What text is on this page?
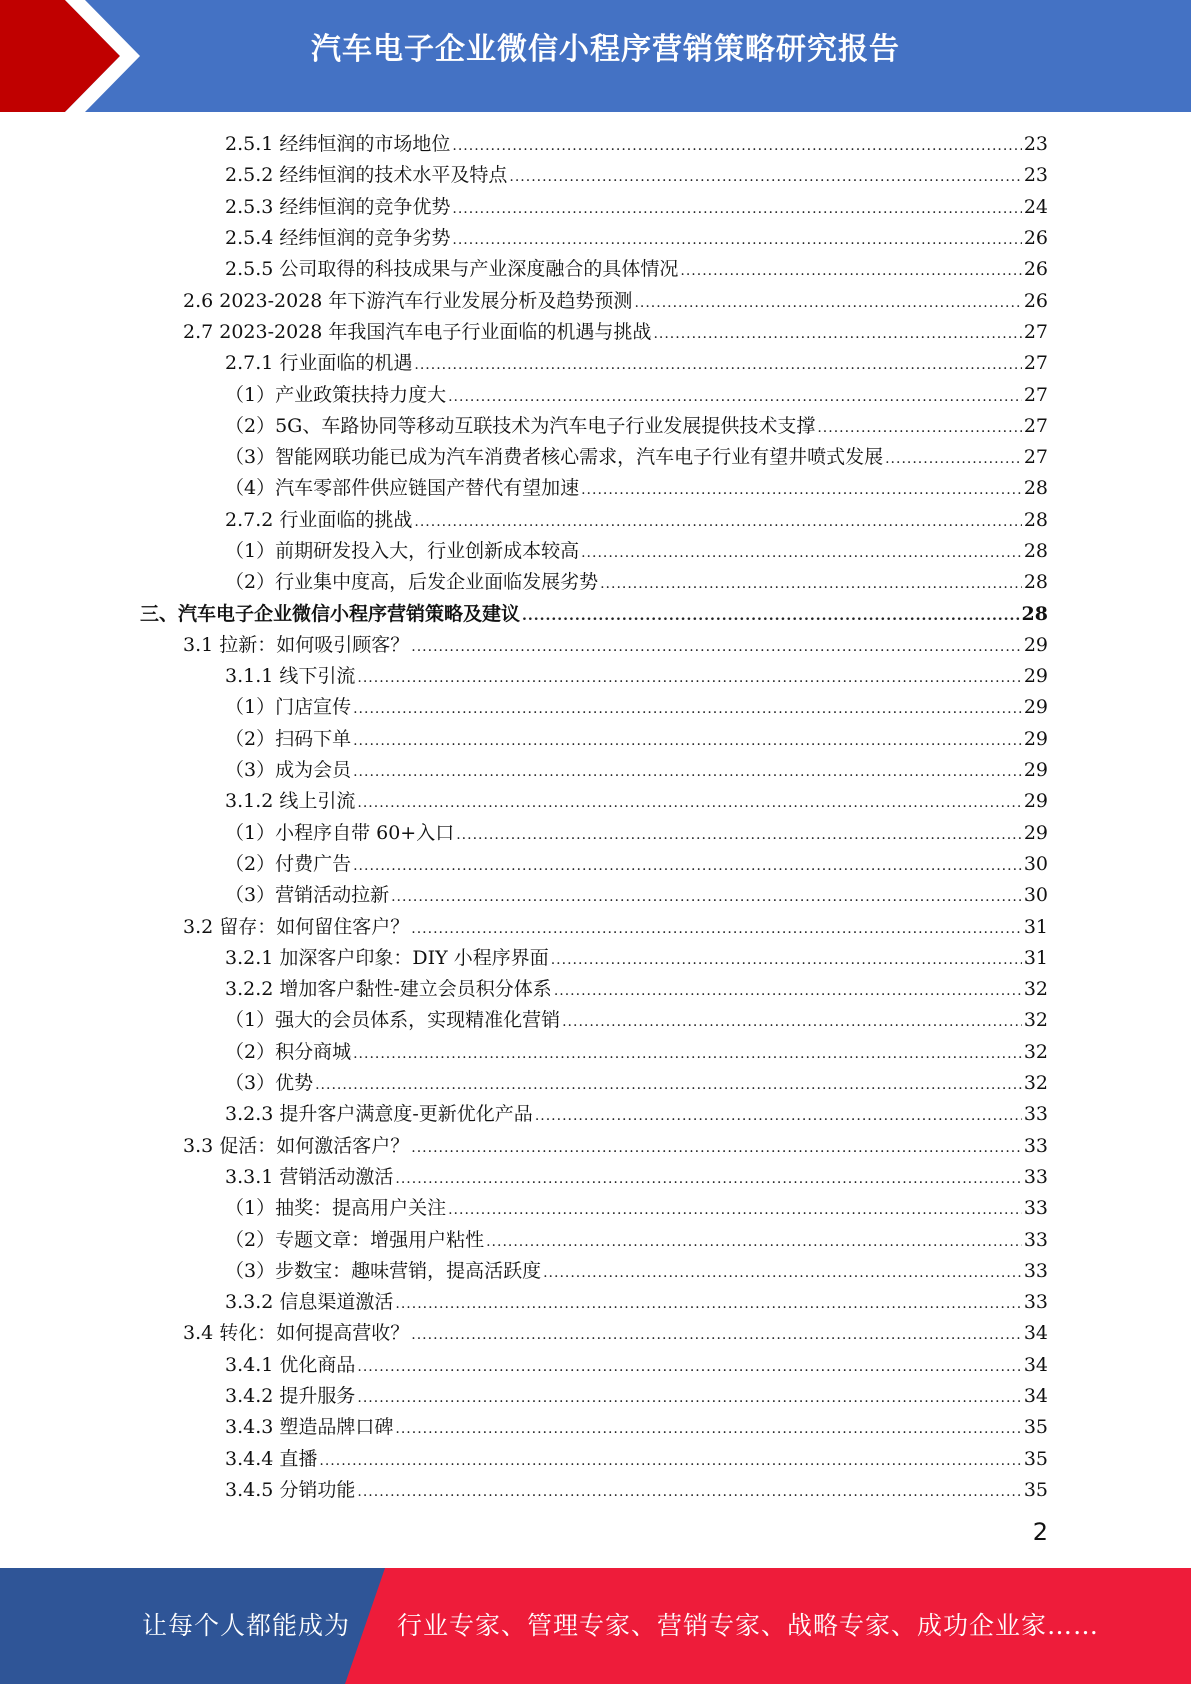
汽车电子企业微信小程序营销策略研究报告
2.5.1 经纬恒润的市场地位 .....	23
2.5.2 经纬恒润的技术水平及特点 .....	23
2.5.3 经纬恒润的竞争优势 .....	24
2.5.4 经纬恒润的竞争劣势 .....	26
2.5.5 公司取得的科技成果与产业深度融合的具体情况 .....	26
2.6 2023-2028 年下游汽车行业发展分析及趋势预测 .....	26
2.7 2023-2028 年我国汽车电子行业面临的机遇与挑战 .....	27
2.7.1 行业面临的机遇 .....	27
（1）产业政策扶持力度大 .....	27
（2）5G、车路协同等移动互联技术为汽车电子行业发展提供技术支撑 .....	27
（3）智能网联功能已成为汽车消费者核心需求，汽车电子行业有望井喷式发展 .....	27
（4）汽车零部件供应链国产替代有望加速 .....	28
2.7.2 行业面临的挑战 .....	28
（1）前期研发投入大，行业创新成本较高 .....	28
（2）行业集中度高，后发企业面临发展劣势 .....	28
三、汽车电子企业微信小程序营销策略及建议 .....	28
3.1 拉新：如何吸引顾客？ .....	29
3.1.1 线下引流 .....	29
（1）门店宣传 .....	29
（2）扫码下单 .....	29
（3）成为会员 .....	29
3.1.2 线上引流 .....	29
（1）小程序自带 60+入口 .....	29
（2）付费广告 .....	30
（3）营销活动拉新 .....	30
3.2 留存：如何留住客户？ .....	31
3.2.1 加深客户印象：DIY 小程序界面 .....	31
3.2.2 增加客户黏性-建立会员积分体系 .....	32
（1）强大的会员体系，实现精准化营销 .....	32
（2）积分商城 .....	32
（3）优势 .....	32
3.2.3 提升客户满意度-更新优化产品 .....	33
3.3 促活：如何激活客户？ .....	33
3.3.1 营销活动激活 .....	33
（1）抽奖：提高用户关注 .....	33
（2）专题文章：增强用户粘性 .....	33
（3）步数宝：趣味营销，提高活跃度 .....	33
3.3.2 信息渠道激活 .....	33
3.4 转化：如何提高营收？ .....	34
3.4.1 优化商品 .....	34
3.4.2 提升服务 .....	34
3.4.3 塑造品牌口碑 .....	35
3.4.4 直播 .....	35
3.4.5 分销功能 .....	35
2
让每个人都能成为 行业专家、管理专家、营销专家、战略专家、成功企业家……
